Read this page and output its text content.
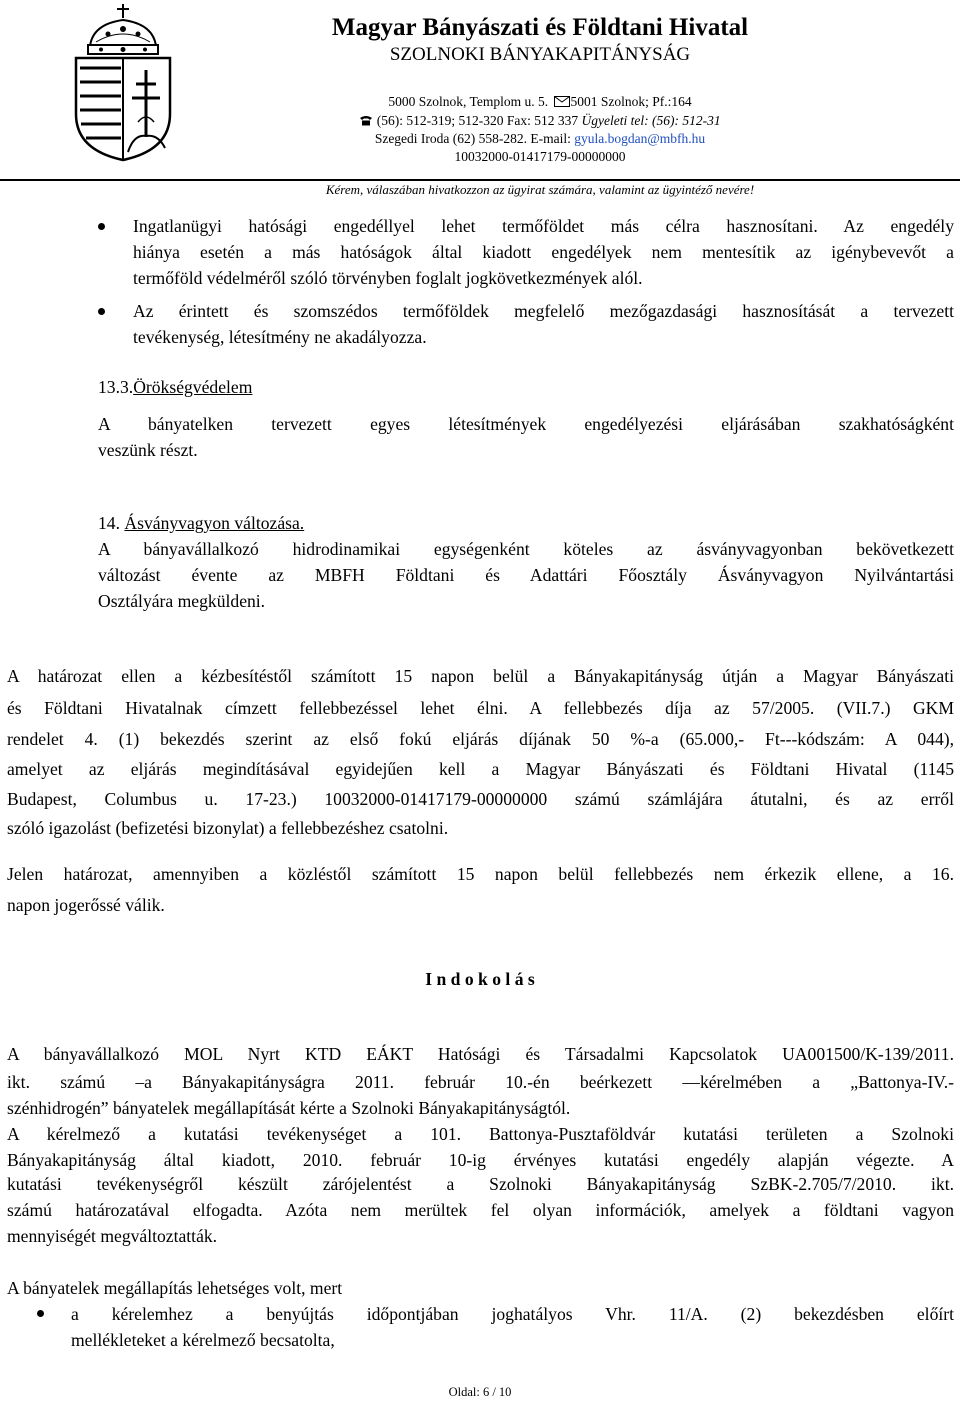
Magyar Bányászati és Földtani Hivatal
SZOLNOKI BÁNYAKAPITÁNYSÁG
5000 Szolnok, Templom u. 5. 5001 Szolnok; Pf.:164
(56): 512-319; 512-320 Fax: 512 337 Ügyeleti tel: (56): 512-31
Szegedi Iroda (62) 558-282. E-mail: gyula.bogdan@mbfh.hu
10032000-01417179-00000000
Kérem, válaszában hivatkozzon az ügyirat számára, valamint az ügyintéző nevére!
Ingatlanügyi hatósági engedéllyel lehet termőföldet más célra hasznosítani. Az engedély
hiánya esetén a más hatóságok által kiadott engedélyek nem mentesítik az igénybevevőt a
termőföld védelméről szóló törvényben foglalt jogkövetkezmények alól.
Az érintett és szomszédos termőföldek megfelelő mezőgazdasági hasznosítását a tervezett
tevékenység, létesítmény ne akadályozza.
13.3.Örökségvédelem
A bányatelken tervezett egyes létesítmények engedélyezési eljárásában szakhatóságként
veszünk részt.
14. Ásványvagyon változása.
A bányavállalkozó hidrodinamikai egységenként köteles az ásványvagyonban bekövetkezett
változást évente az MBFH Földtani és Adattári Főosztály Ásványvagyon Nyilvántartási
Osztályára megküldeni.
A határozat ellen a kézbesítéstől számított 15 napon belül a Bányakapitányság útján a Magyar Bányászati
és Földtani Hivatalnak címzett fellebbezéssel lehet élni. A fellebbezés díja az 57/2005. (VII.7.) GKM
rendelet 4. (1) bekezdés szerint az első fokú eljárás díjának 50 %-a (65.000,- Ft---kódszám: A 044),
amelyet az eljárás megindításával egyidejűen kell a Magyar Bányászati és Földtani Hivatal (1145
Budapest, Columbus u. 17-23.) 10032000-01417179-00000000 számú számlájára átutalni, és az erről
szóló igazolást (befizetési bizonylat) a fellebbezéshez csatolni.
Jelen határozat, amennyiben a közléstől számított 15 napon belül fellebbezés nem érkezik ellene, a 16.
napon jogerőssé válik.
I n d o k o l á s
A bányavállalkozó MOL Nyrt KTD EÁKT Hatósági és Társadalmi Kapcsolatok UA001500/K-139/2011.
ikt. számú –a Bányakapitányságra 2011. február 10.-én beérkezett ––kérelmében a „Battonya-IV.-
szénhidrogén” bányatelek megállapítását kérte a Szolnoki Bányakapitányságtól.
A kérelmező a kutatási tevékenységet a 101. Battonya-Pusztaföldvár kutatási területen a Szolnoki
Bányakapitányság által kiadott, 2010. február 10-ig érvényes kutatási engedély alapján végezte. A
kutatási tevékenységről készült zárójelentést a Szolnoki Bányakapitányság SzBK-2.705/7/2010. ikt.
számú határozatával elfogadta. Azóta nem merültek fel olyan információk, amelyek a földtani vagyon
mennyiségét megváltoztatták.
A bányatelek megállapítás lehetséges volt, mert
a kérelemhez a benyújtás időpontjában joghatályos Vhr. 11/A. (2) bekezdésben előírt
mellékleteket a kérelmező becsatolta,
Oldal: 6 / 10
